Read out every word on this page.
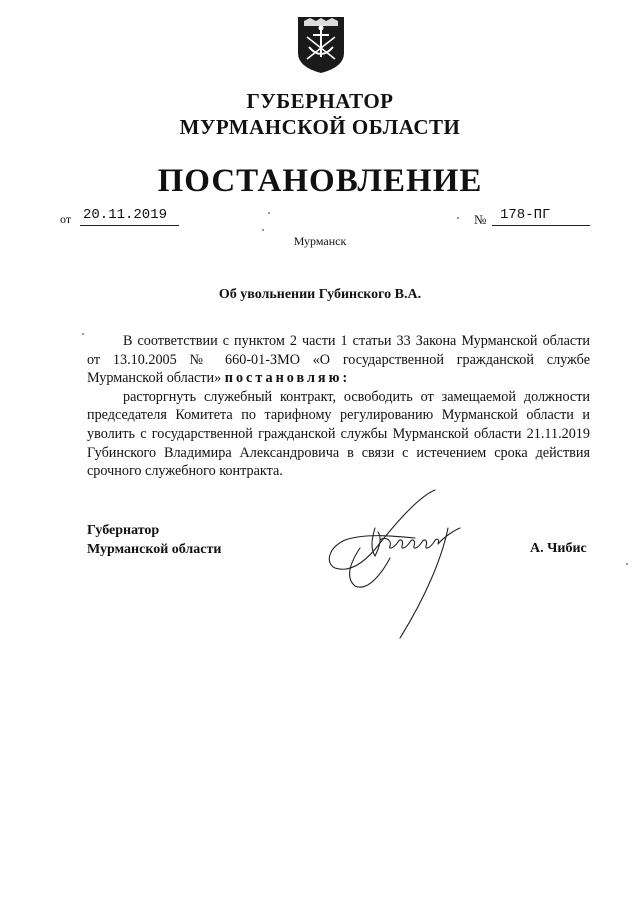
ГУБЕРНАТОР
МУРМАНСКОЙ ОБЛАСТИ
ПОСТАНОВЛЕНИЕ
от 20.11.2019	№ 178-ПГ
Мурманск
Об увольнении Губинского В.А.

В соответствии с пунктом 2 части 1 статьи 33 Закона Мурманской области от 13.10.2005 № 660-01-ЗМО «О государственной гражданской службе Мурманской области» постановляю:

расторгнуть служебный контракт, освободить от замещаемой должности председателя Комитета по тарифному регулированию Мурманской области и уволить с государственной гражданской службы Мурманской области 21.11.2019 Губинского Владимира Александровича в связи с истечением срока действия срочного служебного контракта.

Губернатор
Мурманской области	А. Чибис
